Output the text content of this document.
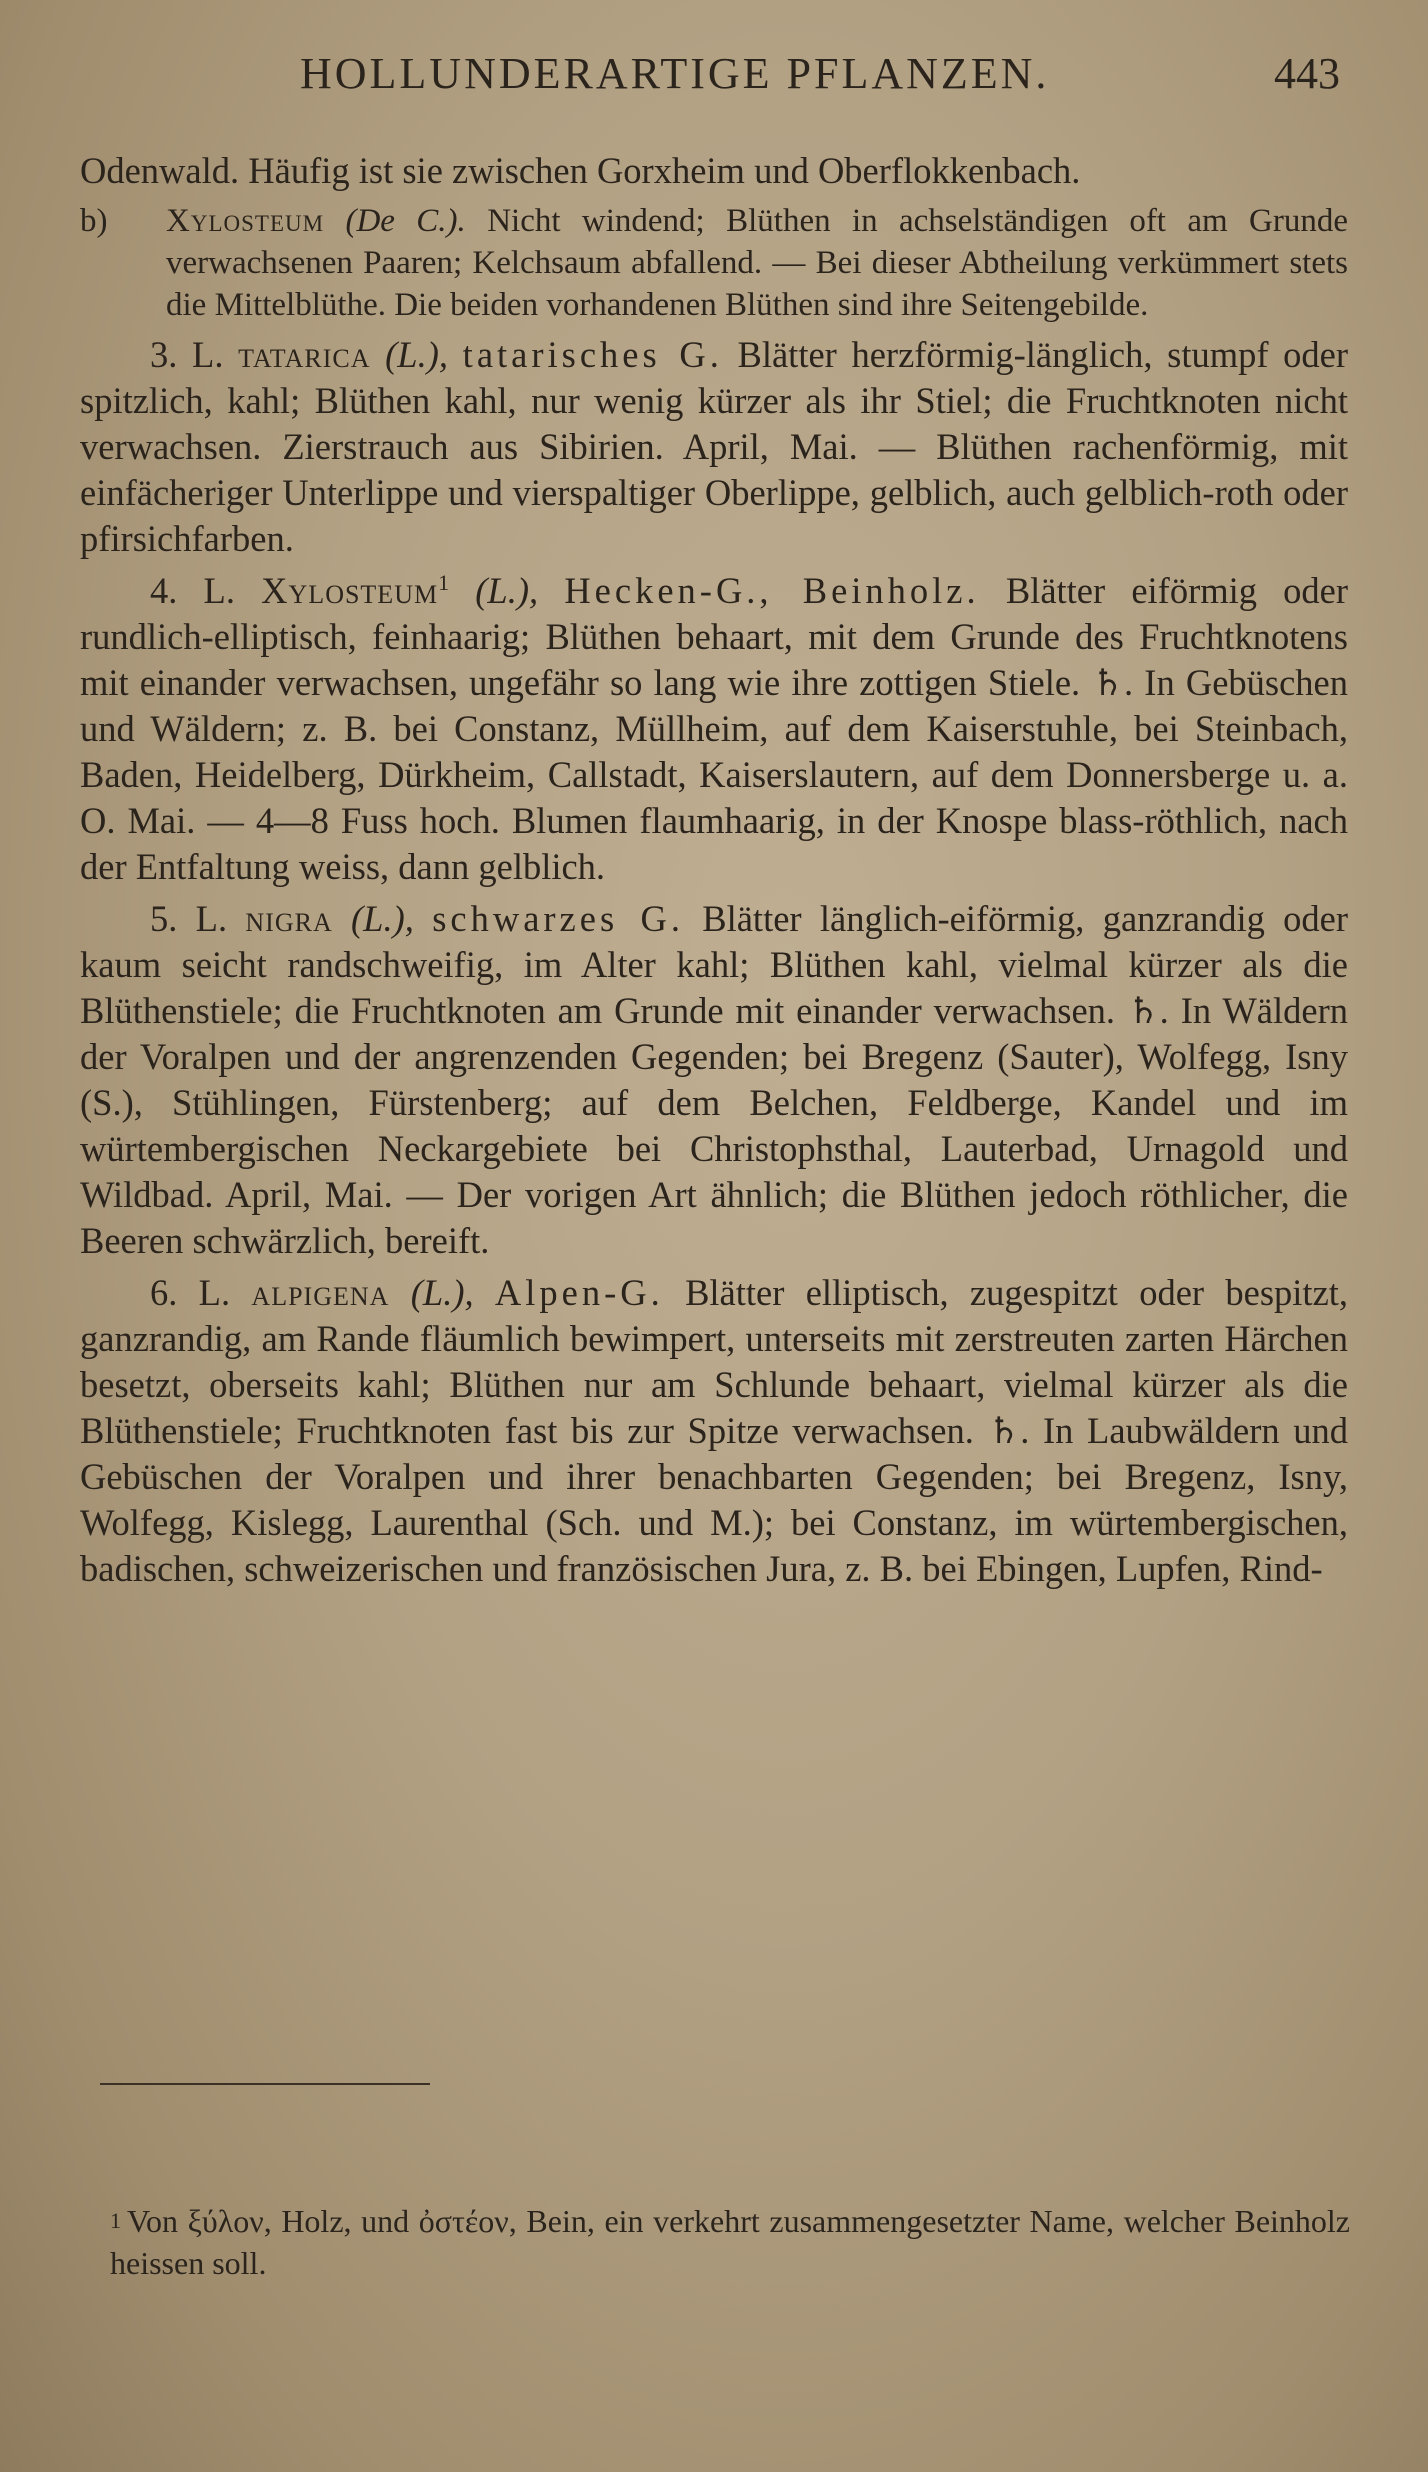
HOLLUNDERARTIGE PFLANZEN.	443

Odenwald. Häufig ist sie zwischen Gorxheim und Oberflokkenbach.

b) Xylosteum (De C.). Nicht windend; Blüthen in achselständigen oft am Grunde verwachsenen Paaren; Kelchsaum abfallend. — Bei dieser Abtheilung verkümmert stets die Mittelblüthe. Die beiden vorhandenen Blüthen sind ihre Seitengebilde.

3. L. tatarica (L.), tatarisches G. Blätter herzförmig-länglich, stumpf oder spitzlich, kahl; Blüthen kahl, nur wenig kürzer als ihr Stiel; die Fruchtknoten nicht verwachsen. Zierstrauch aus Sibirien. April, Mai. — Blüthen rachenförmig, mit einfächeriger Unterlippe und vierspaltiger Oberlippe, gelblich, auch gelblich-roth oder pfirsichfarben.

4. L. Xylosteum$^1$ (L.), Hecken-G., Beinholz. Blätter eiförmig oder rundlich-elliptisch, feinhaarig; Blüthen behaart, mit dem Grunde des Fruchtknotens mit einander verwachsen, ungefähr so lang wie ihre zottigen Stiele. ♄. In Gebüschen und Wäldern; z. B. bei Constanz, Müllheim, auf dem Kaiserstuhle, bei Steinbach, Baden, Heidelberg, Dürkheim, Callstadt, Kaiserslautern, auf dem Donnersberge u. a. O. Mai. — 4—8 Fuss hoch. Blumen flaumhaarig, in der Knospe blass-röthlich, nach der Entfaltung weiss, dann gelblich.

5. L. nigra (L.), schwarzes G. Blätter länglich-eiförmig, ganzrandig oder kaum seicht randschweifig, im Alter kahl; Blüthen kahl, vielmal kürzer als die Blüthenstiele; die Fruchtknoten am Grunde mit einander verwachsen. ♄. In Wäldern der Voralpen und der angrenzenden Gegenden; bei Bregenz (Sauter), Wolfegg, Isny (S.), Stühlingen, Fürstenberg; auf dem Belchen, Feldberge, Kandel und im würtembergischen Neckargebiete bei Christophsthal, Lauterbad, Urnagold und Wildbad. April, Mai. — Der vorigen Art ähnlich; die Blüthen jedoch röthlicher, die Beeren schwärzlich, bereift.

6. L. alpigena (L.), Alpen-G. Blätter elliptisch, zugespitzt oder bespitzt, ganzrandig, am Rande fläumlich bewimpert, unterseits mit zerstreuten zarten Härchen besetzt, oberseits kahl; Blüthen nur am Schlunde behaart, vielmal kürzer als die Blüthenstiele; Fruchtknoten fast bis zur Spitze verwachsen. ♄. In Laubwäldern und Gebüschen der Voralpen und ihrer benachbarten Gegenden; bei Bregenz, Isny, Wolfegg, Kislegg, Laurenthal (Sch. und M.); bei Constanz, im würtembergischen, badischen, schweizerischen und französischen Jura, z. B. bei Ebingen, Lupfen, Rind-

$^1$ Von ξύλον, Holz, und ὀστέον, Bein, ein verkehrt zusammengesetzter Name, welcher Beinholz heissen soll.
